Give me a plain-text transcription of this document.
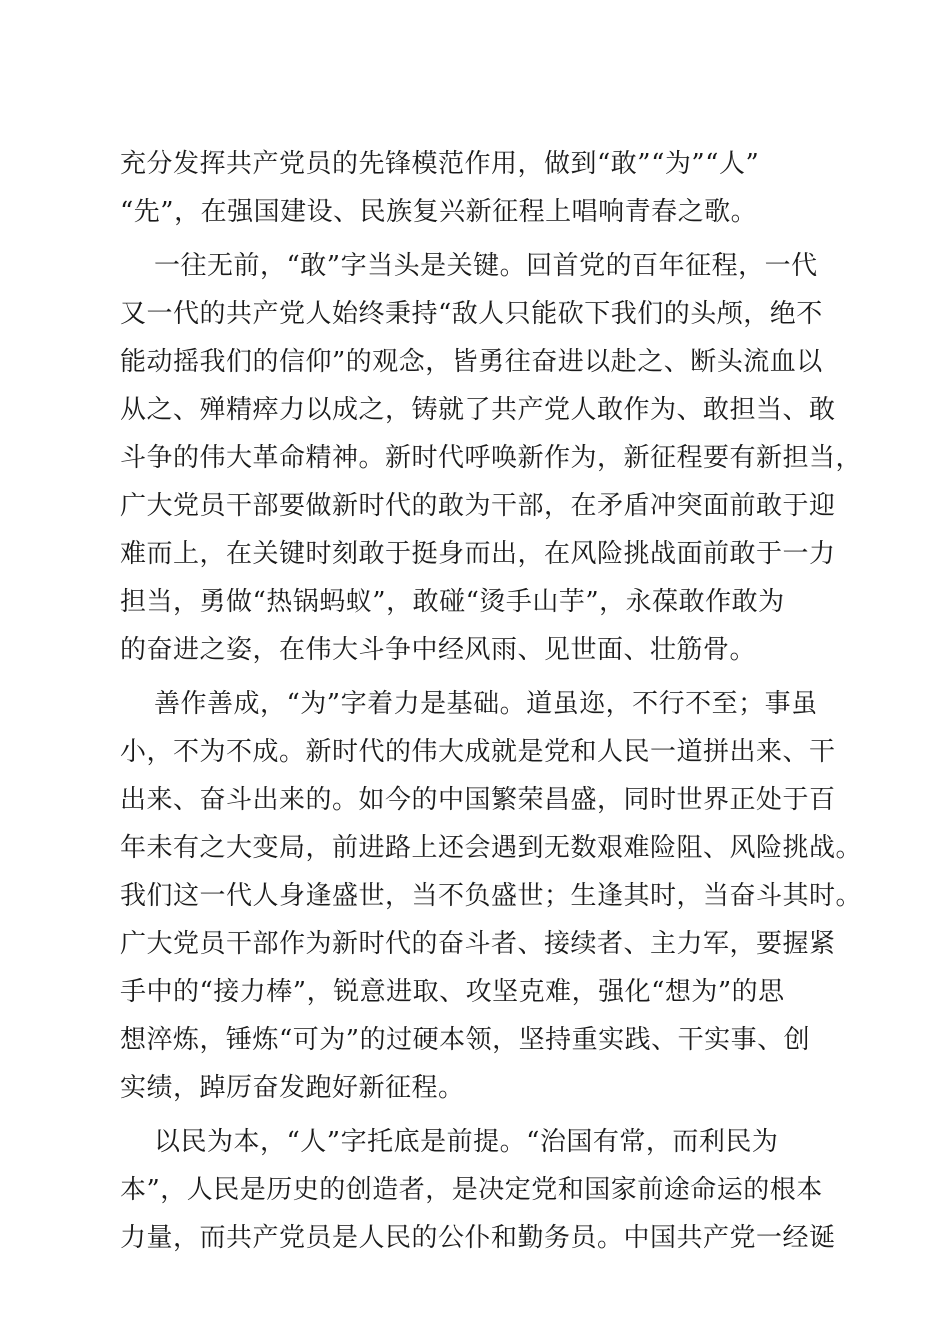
充分发挥共产党员的先锋模范作用，做到“敢”“为”“人”
“先”，在强国建设、民族复兴新征程上唱响青春之歌。
一往无前，“敢”字当头是关键。回首党的百年征程，一代
又一代的共产党人始终秉持“敌人只能砍下我们的头颅，绝不
能动摇我们的信仰”的观念，皆勇往奋进以赴之、断头流血以
从之、殚精瘁力以成之，铸就了共产党人敢作为、敢担当、敢
斗争的伟大革命精神。新时代呼唤新作为，新征程要有新担当，
广大党员干部要做新时代的敢为干部，在矛盾冲突面前敢于迎
难而上，在关键时刻敢于挺身而出，在风险挑战面前敢于一力
担当，勇做“热锅蚂蚁”，敢碰“烫手山芋”，永葆敢作敢为
的奋进之姿，在伟大斗争中经风雨、见世面、壮筋骨。
善作善成，“为”字着力是基础。道虽迩，不行不至；事虽
小，不为不成。新时代的伟大成就是党和人民一道拼出来、干
出来、奋斗出来的。如今的中国繁荣昌盛，同时世界正处于百
年未有之大变局，前进路上还会遇到无数艰难险阻、风险挑战。
我们这一代人身逢盛世，当不负盛世；生逢其时，当奋斗其时。
广大党员干部作为新时代的奋斗者、接续者、主力军，要握紧
手中的“接力棒”，锐意进取、攻坚克难，强化“想为”的思
想淬炼，锤炼“可为”的过硬本领，坚持重实践、干实事、创
实绩，踔厉奋发跑好新征程。
以民为本，“人”字托底是前提。“治国有常，而利民为
本”，人民是历史的创造者，是决定党和国家前途命运的根本
力量，而共产党员是人民的公仆和勤务员。中国共产党一经诞
